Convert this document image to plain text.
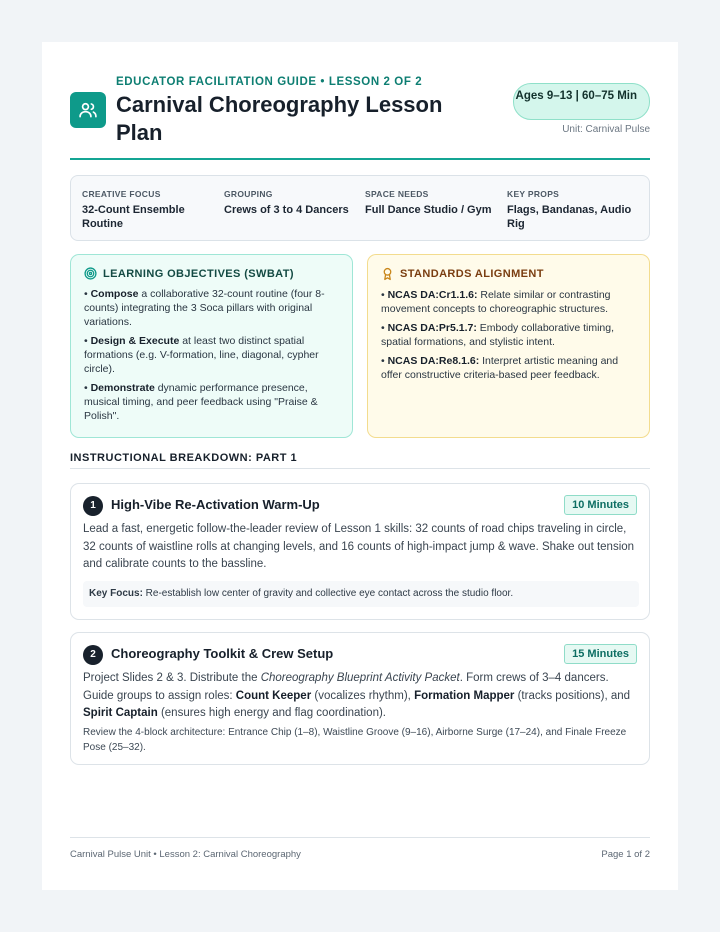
EDUCATOR FACILITATION GUIDE • LESSON 2 OF 2
Carnival Choreography Lesson Plan
Ages 9–13 | 60–75 Min
Unit: Carnival Pulse
CREATIVE FOCUS
32-Count Ensemble Routine
GROUPING
Crews of 3 to 4 Dancers
SPACE NEEDS
Full Dance Studio / Gym
KEY PROPS
Flags, Bandanas, Audio Rig
LEARNING OBJECTIVES (SWBAT)
• Compose a collaborative 32-count routine (four 8-counts) integrating the 3 Soca pillars with original variations.
• Design & Execute at least two distinct spatial formations (e.g. V-formation, line, diagonal, cypher circle).
• Demonstrate dynamic performance presence, musical timing, and peer feedback using "Praise & Polish".
STANDARDS ALIGNMENT
• NCAS DA:Cr1.1.6: Relate similar or contrasting movement concepts to choreographic structures.
• NCAS DA:Pr5.1.7: Embody collaborative timing, spatial formations, and stylistic intent.
• NCAS DA:Re8.1.6: Interpret artistic meaning and offer constructive criteria-based peer feedback.
INSTRUCTIONAL BREAKDOWN: PART 1
1	High-Vibe Re-Activation Warm-Up	10 Minutes
Lead a fast, energetic follow-the-leader review of Lesson 1 skills: 32 counts of road chips traveling in circle, 32 counts of waistline rolls at changing levels, and 16 counts of high-impact jump & wave. Shake out tension and calibrate counts to the bassline.
Key Focus: Re-establish low center of gravity and collective eye contact across the studio floor.
2	Choreography Toolkit & Crew Setup	15 Minutes
Project Slides 2 & 3. Distribute the Choreography Blueprint Activity Packet. Form crews of 3–4 dancers. Guide groups to assign roles: Count Keeper (vocalizes rhythm), Formation Mapper (tracks positions), and Spirit Captain (ensures high energy and flag coordination).
Review the 4-block architecture: Entrance Chip (1–8), Waistline Groove (9–16), Airborne Surge (17–24), and Finale Freeze Pose (25–32).
Carnival Pulse Unit • Lesson 2: Carnival Choreography	Page 1 of 2
